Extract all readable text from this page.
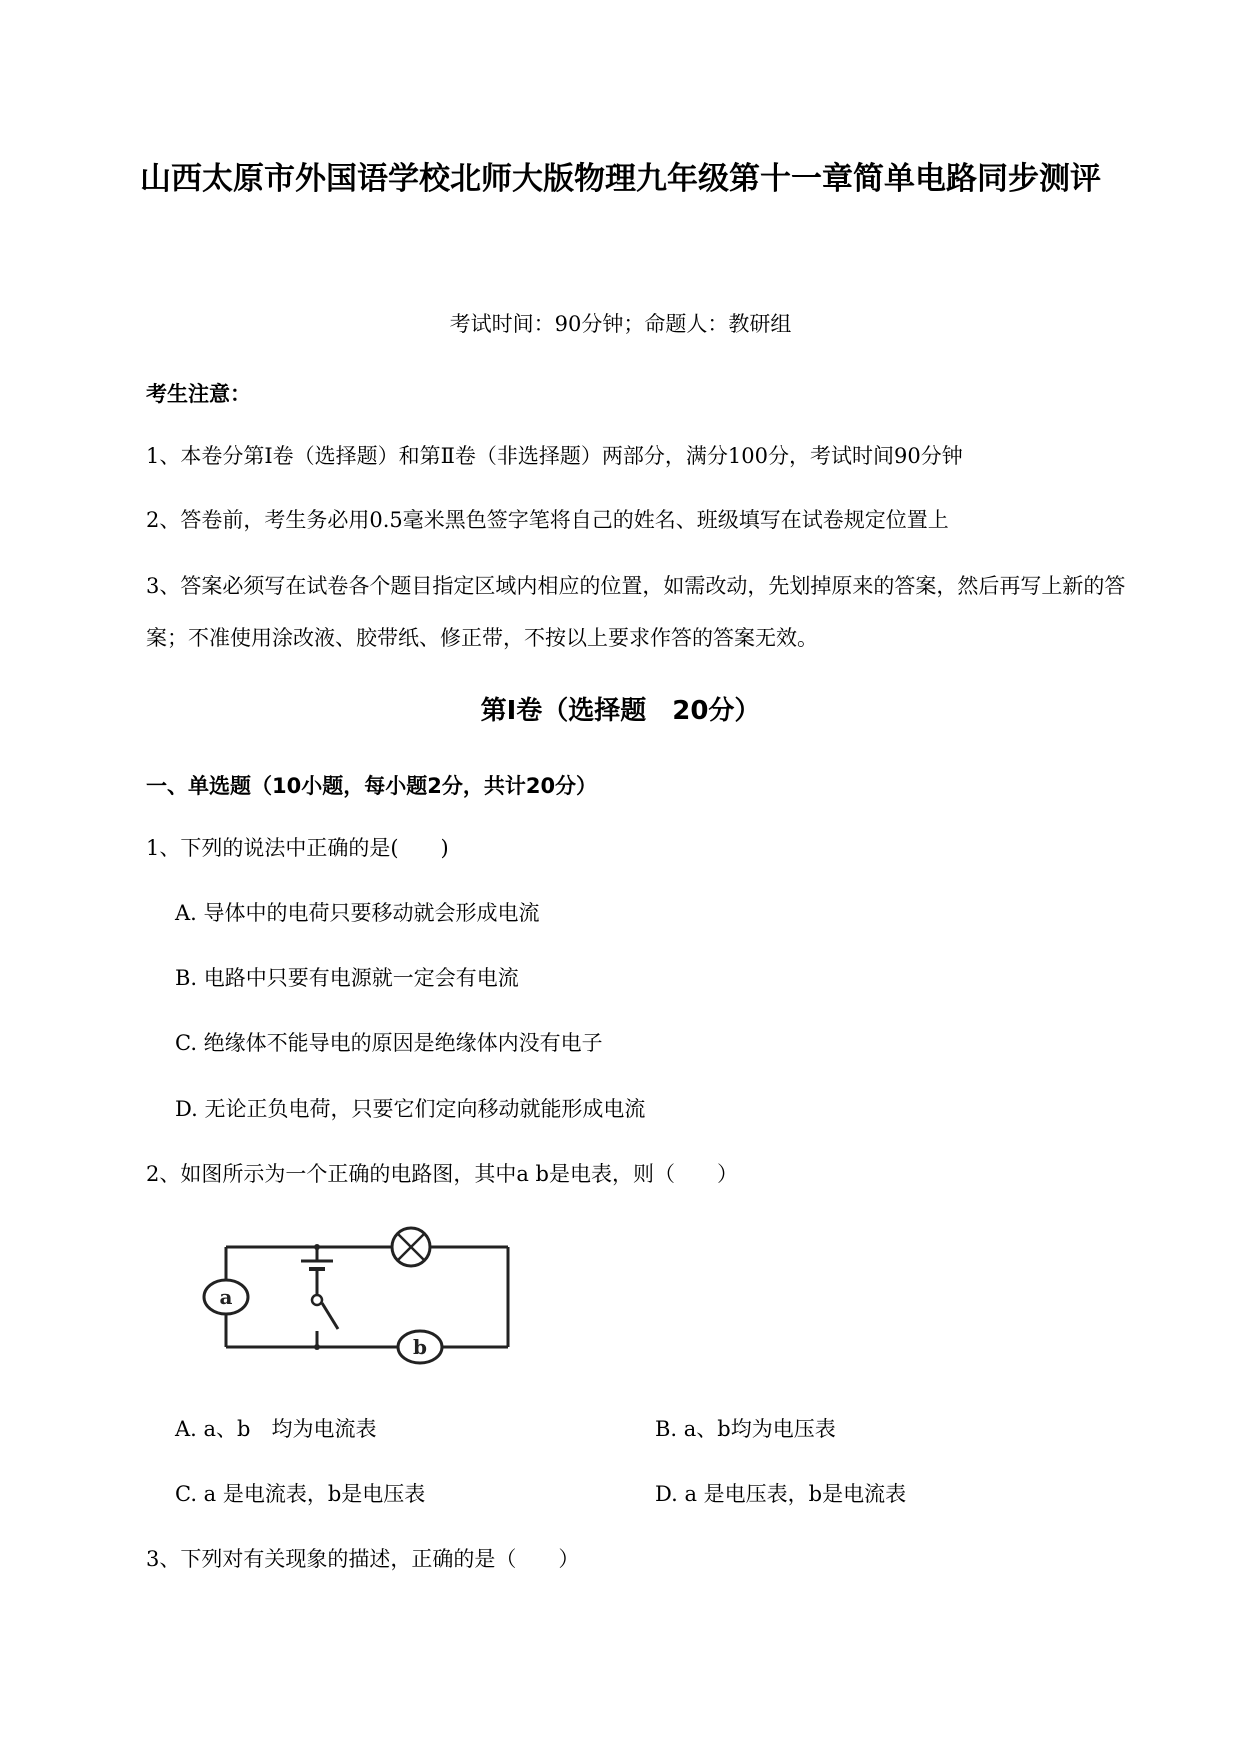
山西太原市外国语学校北师大版物理九年级第十一章简单电路同步测评
考试时间：90分钟；命题人：教研组
考生注意：
1、本卷分第I卷（选择题）和第Ⅱ卷（非选择题）两部分，满分100分，考试时间90分钟
2、答卷前，考生务必用0.5毫米黑色签字笔将自己的姓名、班级填写在试卷规定位置上
3、答案必须写在试卷各个题目指定区域内相应的位置，如需改动，先划掉原来的答案，然后再写上新的答案；不准使用涂改液、胶带纸、修正带，不按以上要求作答的答案无效。
第I卷（选择题　20分）
一、单选题（10小题，每小题2分，共计20分）
1、下列的说法中正确的是(　　)
A. 导体中的电荷只要移动就会形成电流
B. 电路中只要有电源就一定会有电流
C. 绝缘体不能导电的原因是绝缘体内没有电子
D. 无论正负电荷，只要它们定向移动就能形成电流
2、如图所示为一个正确的电路图，其中a b是电表，则（　　）
a
b
A. a、b　均为电流表	B. a、b均为电压表
C. a 是电流表，b是电压表	D. a 是电压表，b是电流表
3、下列对有关现象的描述，正确的是（　　）
